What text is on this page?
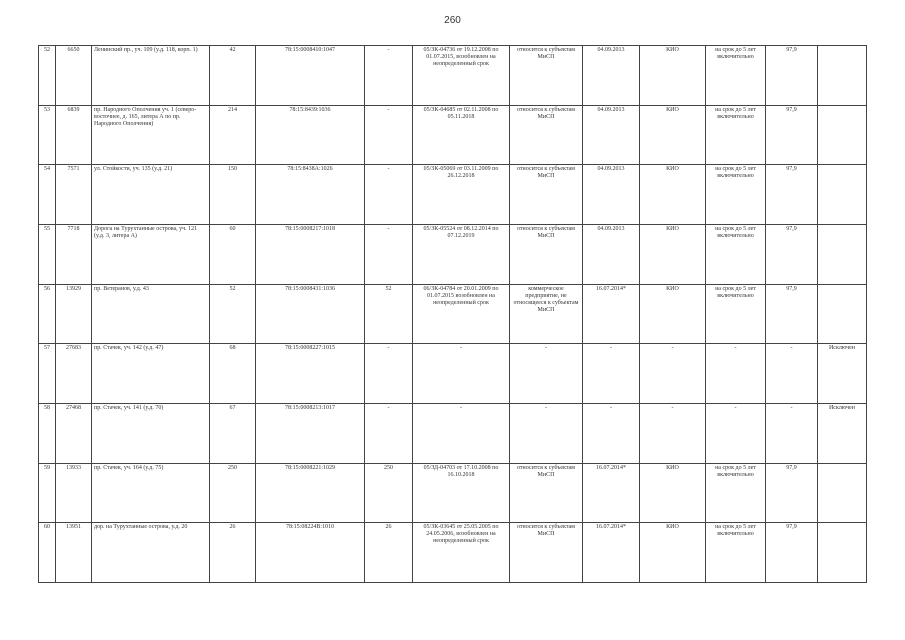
260
52	6650	Ленинский пр., уч. 109 (у.д. 118, корп. 1)	42	78:15:0008410:1047	-	05/ЗК-04736 от 19.12.2008 по 01.07.2015, возобновлен на неопределенный срок	относится к субъектам МиСП	04.09.2013	КИО	на срок до 5 лет включительно	97,9	
53	6839	пр. Народного Ополчения уч. 1 (северо-восточнее, д. 165, литера А по пр. Народного Ополчения)	214	78:15:8439:1036	-	05/ЗК-04685 от 02.11.2008 по 05.11.2018	относится к субъектам МиСП	04.09.2013	КИО	на срок до 5 лет включительно	97,9	
54	7571	ул. Стойкости, уч. 135 (у.д. 21)	150	78:15:8438А:1026	-	05/ЗК-05069 от 03.11.2009 по 26.12.2018	относится к субъектам МиСП	04.09.2013	КИО	на срок до 5 лет включительно	97,9	
55	7718	Дорога на Турухтанные острова, уч. 121 (у.д. 3, литера А)	60	78:15:0008217:1018	-	05/ЗК-05524 от 08.12.2014 по 07.12.2019	относится к субъектам МиСП	04.09.2013	КИО	на срок до 5 лет включительно	97,9	
56	13929	пр. Ветеранов, у.д. 43	52	78:15:0008431:1036	52	06/ЗК-04784 от 20.01.2009 по 01.07.2015 возобновлен на неопределенный срок	коммерческое предприятие, не относящееся к субъектам МиСП	16.07.2014*	КИО	на срок до 5 лет включительно	97,9	
57	27683	пр. Стачек, уч. 142 (у.д. 47)	68	78:15:0008227:1015	-	-	-	-	-	-	-	Исключен
58	27468	пр. Стачек, уч. 141 (у.д. 70)	67	78:15:0008213:1017	-	-	-	-	-	-	-	Исключен
59	13933	пр. Стачек, уч. 164 (у.д. 75)	250	78:15:0008221:1029	250	05/ЗД-04703 от 17.10.2008 по 16.10.2018	относится к субъектам МиСП	16.07.2014*	КИО	на срок до 5 лет включительно	97,9	
60	13951	дор. на Турухтанные острова, у.д. 20	26	78:15:08224В:1010	26	05/ЗК-03645 от 25.05.2005 по 24.05.2006, возобновлен на неопределенный срок	относится к субъектам МиСП	16.07.2014*	КИО	на срок до 5 лет включительно	97,9	
